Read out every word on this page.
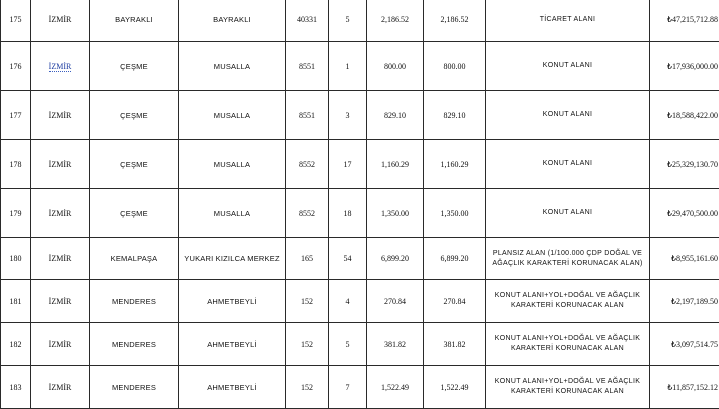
175	İZMİR	BAYRAKLI	BAYRAKLI	40331	5	2,186.52	2,186.52	TİCARET ALANI	₺47,215,712.88
176	İZMİR	ÇEŞME	MUSALLA	8551	1	800.00	800.00	KONUT ALANI	₺17,936,000.00
177	İZMİR	ÇEŞME	MUSALLA	8551	3	829.10	829.10	KONUT ALANI	₺18,588,422.00
178	İZMİR	ÇEŞME	MUSALLA	8552	17	1,160.29	1,160.29	KONUT ALANI	₺25,329,130.70
179	İZMİR	ÇEŞME	MUSALLA	8552	18	1,350.00	1,350.00	KONUT ALANI	₺29,470,500.00
180	İZMİR	KEMALPAŞA	YUKARI KIZILCA MERKEZ	165	54	6,899.20	6,899.20	PLANSIZ ALAN (1/100.000 ÇDP DOĞAL VE AĞAÇLIK KARAKTERİ KORUNACAK ALAN)	₺8,955,161.60
181	İZMİR	MENDERES	AHMETBEYLİ	152	4	270.84	270.84	KONUT ALANI+YOL+DOĞAL VE AĞAÇLIK KARAKTERİ KORUNACAK ALAN	₺2,197,189.50
182	İZMİR	MENDERES	AHMETBEYLİ	152	5	381.82	381.82	KONUT ALANI+YOL+DOĞAL VE AĞAÇLIK KARAKTERİ KORUNACAK ALAN	₺3,097,514.75
183	İZMİR	MENDERES	AHMETBEYLİ	152	7	1,522.49	1,522.49	KONUT ALANI+YOL+DOĞAL VE AĞAÇLIK KARAKTERİ KORUNACAK ALAN	₺11,857,152.12
